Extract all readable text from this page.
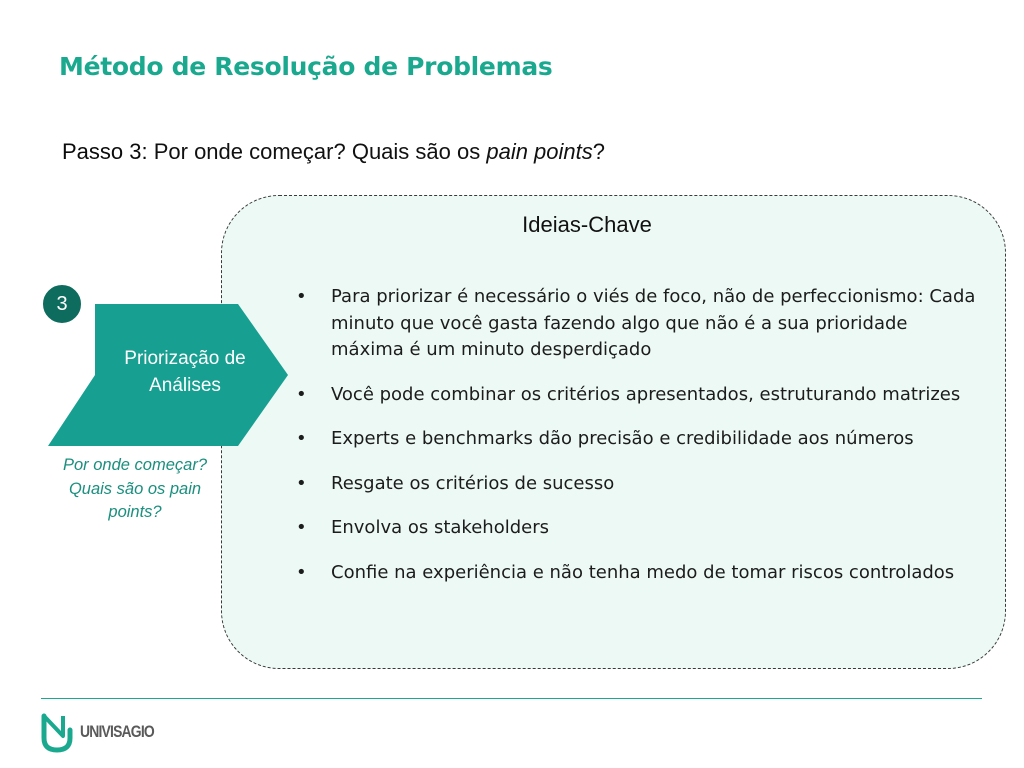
Método de Resolução de Problemas
Passo 3: Por onde começar? Quais são os pain points?
Ideias-Chave
• Para priorizar é necessário o viés de foco, não de perfeccionismo: Cada minuto que você gasta fazendo algo que não é a sua prioridade máxima é um minuto desperdiçado
• Você pode combinar os critérios apresentados, estruturando matrizes
• Experts e benchmarks dão precisão e credibilidade aos números
• Resgate os critérios de sucesso
• Envolva os stakeholders
• Confie na experiência e não tenha medo de tomar riscos controlados
Priorização de
Análises
3
Por onde começar? Quais são os pain points?
UNIVISAGIO
